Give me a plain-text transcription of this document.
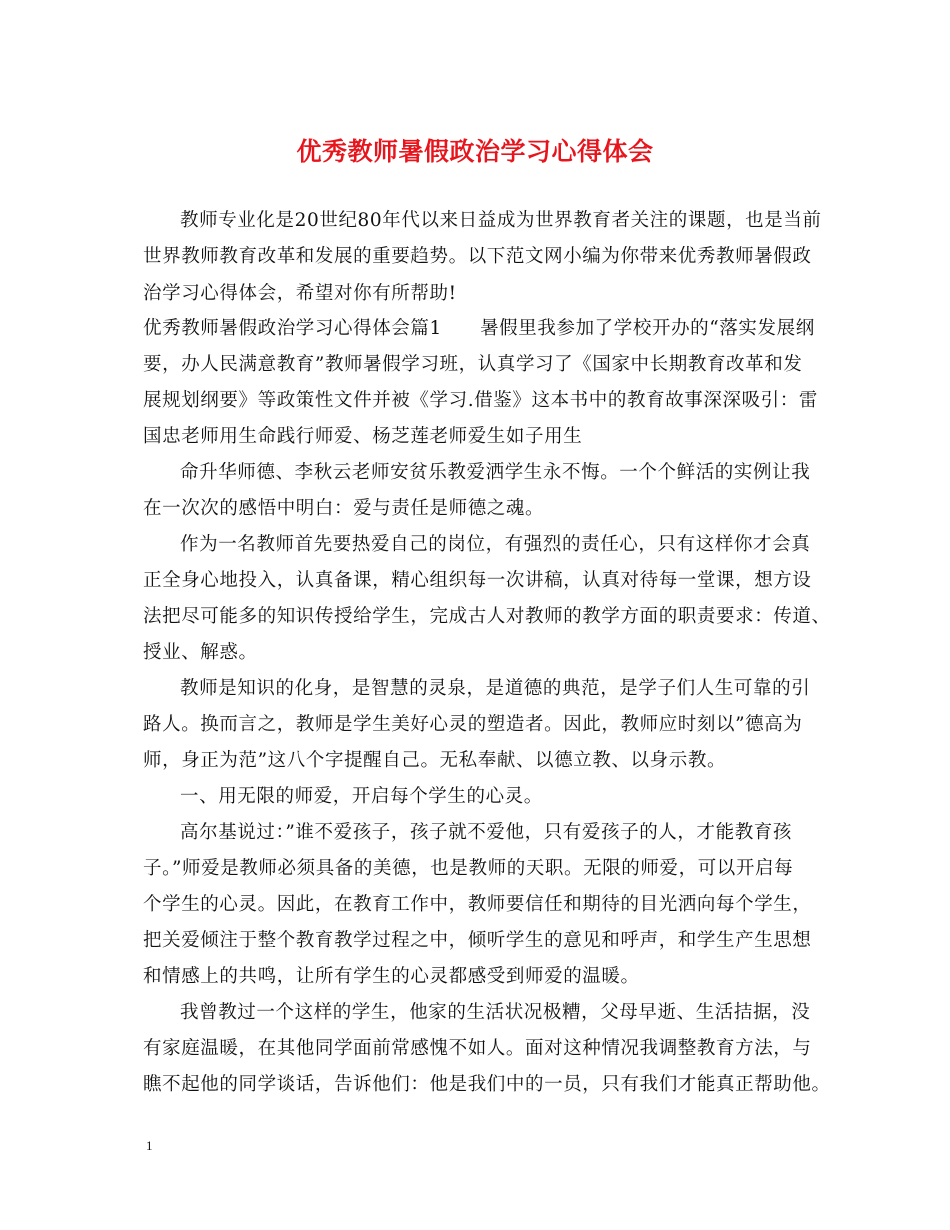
优秀教师暑假政治学习心得体会
教师专业化是20世纪80年代以来日益成为世界教育者关注的课题，也是当前
世界教师教育改革和发展的重要趋势。以下范文网小编为你带来优秀教师暑假政
治学习心得体会，希望对你有所帮助!
优秀教师暑假政治学习心得体会篇1　　暑假里我参加了学校开办的“落实发展纲
要，办人民满意教育”教师暑假学习班，认真学习了《国家中长期教育改革和发
展规划纲要》等政策性文件并被《学习.借鉴》这本书中的教育故事深深吸引：雷
国忠老师用生命践行师爱、杨芝莲老师爱生如子用生
命升华师德、李秋云老师安贫乐教爱洒学生永不悔。一个个鲜活的实例让我
在一次次的感悟中明白：爱与责任是师德之魂。
作为一名教师首先要热爱自己的岗位，有强烈的责任心，只有这样你才会真
正全身心地投入，认真备课，精心组织每一次讲稿，认真对待每一堂课，想方设
法把尽可能多的知识传授给学生，完成古人对教师的教学方面的职责要求：传道、
授业、解惑。
教师是知识的化身，是智慧的灵泉，是道德的典范，是学子们人生可靠的引
路人。换而言之，教师是学生美好心灵的塑造者。因此，教师应时刻以”德高为
师，身正为范”这八个字提醒自己。无私奉献、以德立教、以身示教。
一、用无限的师爱，开启每个学生的心灵。
高尔基说过：”谁不爱孩子，孩子就不爱他，只有爱孩子的人，才能教育孩
子。”师爱是教师必须具备的美德，也是教师的天职。无限的师爱，可以开启每
个学生的心灵。因此，在教育工作中，教师要信任和期待的目光洒向每个学生，
把关爱倾注于整个教育教学过程之中，倾听学生的意见和呼声，和学生产生思想
和情感上的共鸣，让所有学生的心灵都感受到师爱的温暖。
我曾教过一个这样的学生，他家的生活状况极糟，父母早逝、生活拮据，没
有家庭温暖，在其他同学面前常感愧不如人。面对这种情况我调整教育方法，与
瞧不起他的同学谈话，告诉他们：他是我们中的一员，只有我们才能真正帮助他。
1
